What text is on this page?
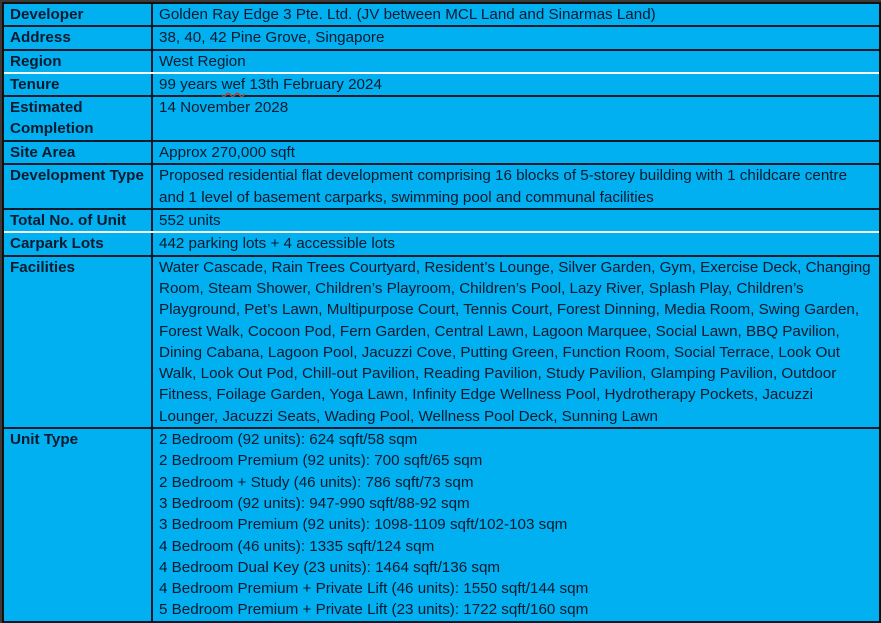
Developer	Golden Ray Edge 3 Pte. Ltd. (JV between MCL Land and Sinarmas Land)
Address	38, 40, 42 Pine Grove, Singapore
Region	West Region
Tenure	99 years wef 13th February 2024
Estimated Completion	14 November 2028
Site Area	Approx 270,000 sqft
Development Type	Proposed residential flat development comprising 16 blocks of 5-storey building with 1 childcare centre and 1 level of basement carparks, swimming pool and communal facilities
Total No. of Unit	552 units
Carpark Lots	442 parking lots + 4 accessible lots
Facilities	Water Cascade, Rain Trees Courtyard, Resident’s Lounge, Silver Garden, Gym, Exercise Deck, Changing Room, Steam Shower, Children’s Playroom, Children’s Pool, Lazy River, Splash Play, Children’s Playground, Pet’s Lawn, Multipurpose Court, Tennis Court, Forest Dinning, Media Room, Swing Garden, Forest Walk, Cocoon Pod, Fern Garden, Central Lawn, Lagoon Marquee, Social Lawn, BBQ Pavilion, Dining Cabana, Lagoon Pool, Jacuzzi Cove, Putting Green, Function Room, Social Terrace, Look Out Walk, Look Out Pod, Chill-out Pavilion, Reading Pavilion, Study Pavilion, Glamping Pavilion, Outdoor Fitness, Foilage Garden, Yoga Lawn, Infinity Edge Wellness Pool, Hydrotherapy Pockets, Jacuzzi Lounger, Jacuzzi Seats, Wading Pool, Wellness Pool Deck, Sunning Lawn
Unit Type	2 Bedroom (92 units): 624 sqft/58 sqm
2 Bedroom Premium (92 units): 700 sqft/65 sqm
2 Bedroom + Study (46 units): 786 sqft/73 sqm
3 Bedroom (92 units): 947-990 sqft/88-92 sqm
3 Bedroom Premium (92 units): 1098-1109 sqft/102-103 sqm
4 Bedroom (46 units): 1335 sqft/124 sqm
4 Bedroom Dual Key (23 units): 1464 sqft/136 sqm
4 Bedroom Premium + Private Lift (46 units): 1550 sqft/144 sqm
5 Bedroom Premium + Private Lift (23 units): 1722 sqft/160 sqm
